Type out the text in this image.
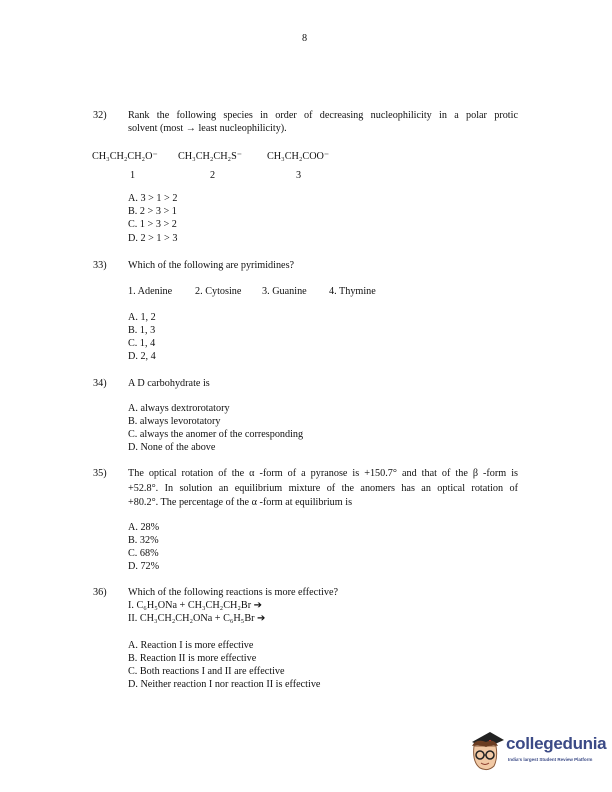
8
32) Rank the following species in order of decreasing nucleophilicity in a polar protic
solvent (most → least nucleophilicity).
CH₃CH₂CH₂O⁻ CH₃CH₂CH₂S⁻ CH₃CH₂COO⁻
1	2	3
A. 3 > 1 > 2
B. 2 > 3 > 1
C. 1 > 3 > 2
D. 2 > 1 > 3
33) Which of the following are pyrimidines?
1. Adenine 2. Cytosine 3. Guanine 4. Thymine
A. 1, 2
B. 1, 3
C. 1, 4
D. 2, 4
34) A D carbohydrate is
A. always dextrorotatory
B. always levorotatory
C. always the anomer of the corresponding
D. None of the above
35) The optical rotation of the α -form of a pyranose is +150.7° and that of the β -form is
+52.8°. In solution an equilibrium mixture of the anomers has an optical rotation of
+80.2°. The percentage of the α -form at equilibrium is
A. 28%
B. 32%
C. 68%
D. 72%
36) Which of the following reactions is more effective?
I. C₆H₅ONa + CH₃CH₂CH₂Br ➔
II. CH₃CH₂CH₂ONa + C₆H₅Br ➔
A. Reaction I is more effective
B. Reaction II is more effective
C. Both reactions I and II are effective
D. Neither reaction I nor reaction II is effective
collegedunia
India's largest Student Review Platform
